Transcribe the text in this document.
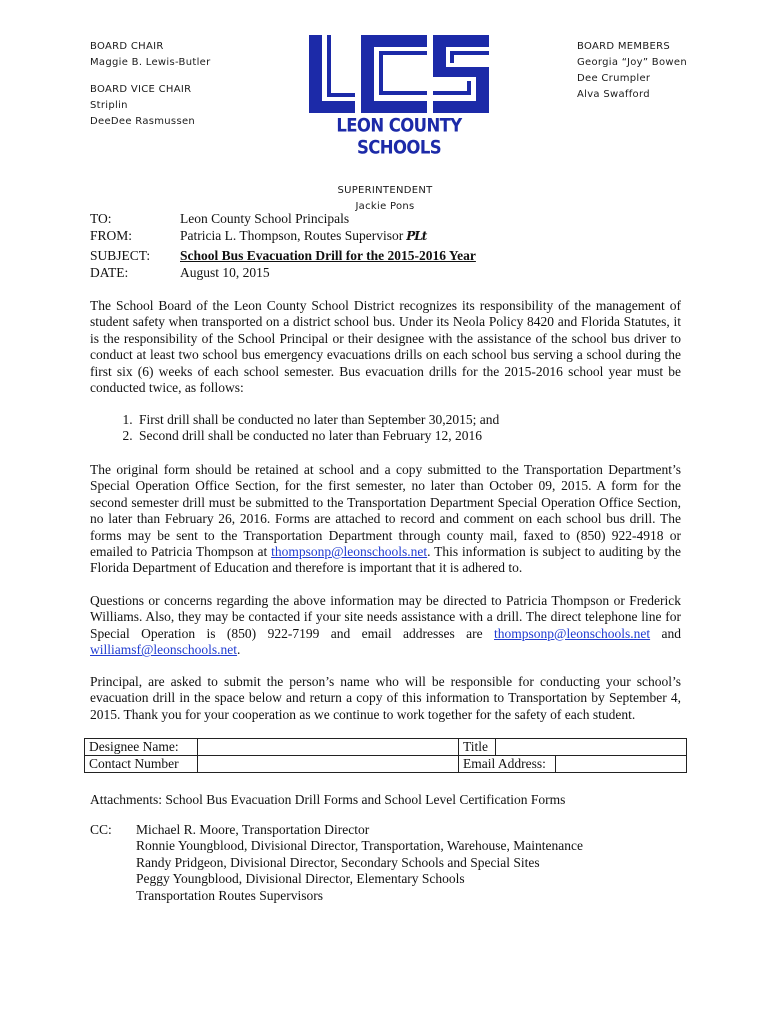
BOARD CHAIR
Maggie B. Lewis-Butler
BOARD VICE CHAIR
Striplin
DeeDee Rasmussen	LEON COUNTY SCHOOLS
BOARD MEMBERS
Georgia “Joy” Bowen
Dee Crumpler
Alva Swafford
SUPERINTENDENT
Jackie Pons
TO:	Leon County School Principals
FROM:	Patricia L. Thompson, Routes Supervisor PLt
SUBJECT:	School Bus Evacuation Drill for the 2015-2016 Year
DATE:	August 10, 2015

The School Board of the Leon County School District recognizes its responsibility of the management of student safety when transported on a district school bus. Under its Neola Policy 8420 and Florida Statutes, it is the responsibility of the School Principal or their designee with the assistance of the school bus driver to conduct at least two school bus emergency evacuations drills on each school bus serving a school during the first six (6) weeks of each school semester. Bus evacuation drills for the 2015-2016 school year must be conducted twice, as follows:

1. First drill shall be conducted no later than September 30,2015; and
2. Second drill shall be conducted no later than February 12, 2016

The original form should be retained at school and a copy submitted to the Transportation Department’s Special Operation Office Section, for the first semester, no later than October 09, 2015. A form for the second semester drill must be submitted to the Transportation Department Special Operation Office Section, no later than February 26, 2016. Forms are attached to record and comment on each school bus drill. The forms may be sent to the Transportation Department through county mail, faxed to (850) 922-4918 or emailed to Patricia Thompson at thompsonp@leonschools.net. This information is subject to auditing by the Florida Department of Education and therefore is important that it is adhered to.

Questions or concerns regarding the above information may be directed to Patricia Thompson or Frederick Williams. Also, they may be contacted if your site needs assistance with a drill. The direct telephone line for Special Operation is (850) 922-7199 and email addresses are thompsonp@leonschools.net and williamsf@leonschools.net.

Principal, are asked to submit the person’s name who will be responsible for conducting your school’s evacuation drill in the space below and return a copy of this information to Transportation by September 4, 2015. Thank you for your cooperation as we continue to work together for the safety of each student.

Designee Name:		Title		
Contact Number		Email Address:		
Attachments: School Bus Evacuation Drill Forms and School Level Certification Forms
CC:	Michael R. Moore, Transportation Director
Ronnie Youngblood, Divisional Director, Transportation, Warehouse, Maintenance
Randy Pridgeon, Divisional Director, Secondary Schools and Special Sites
Peggy Youngblood, Divisional Director, Elementary Schools
Transportation Routes Supervisors
